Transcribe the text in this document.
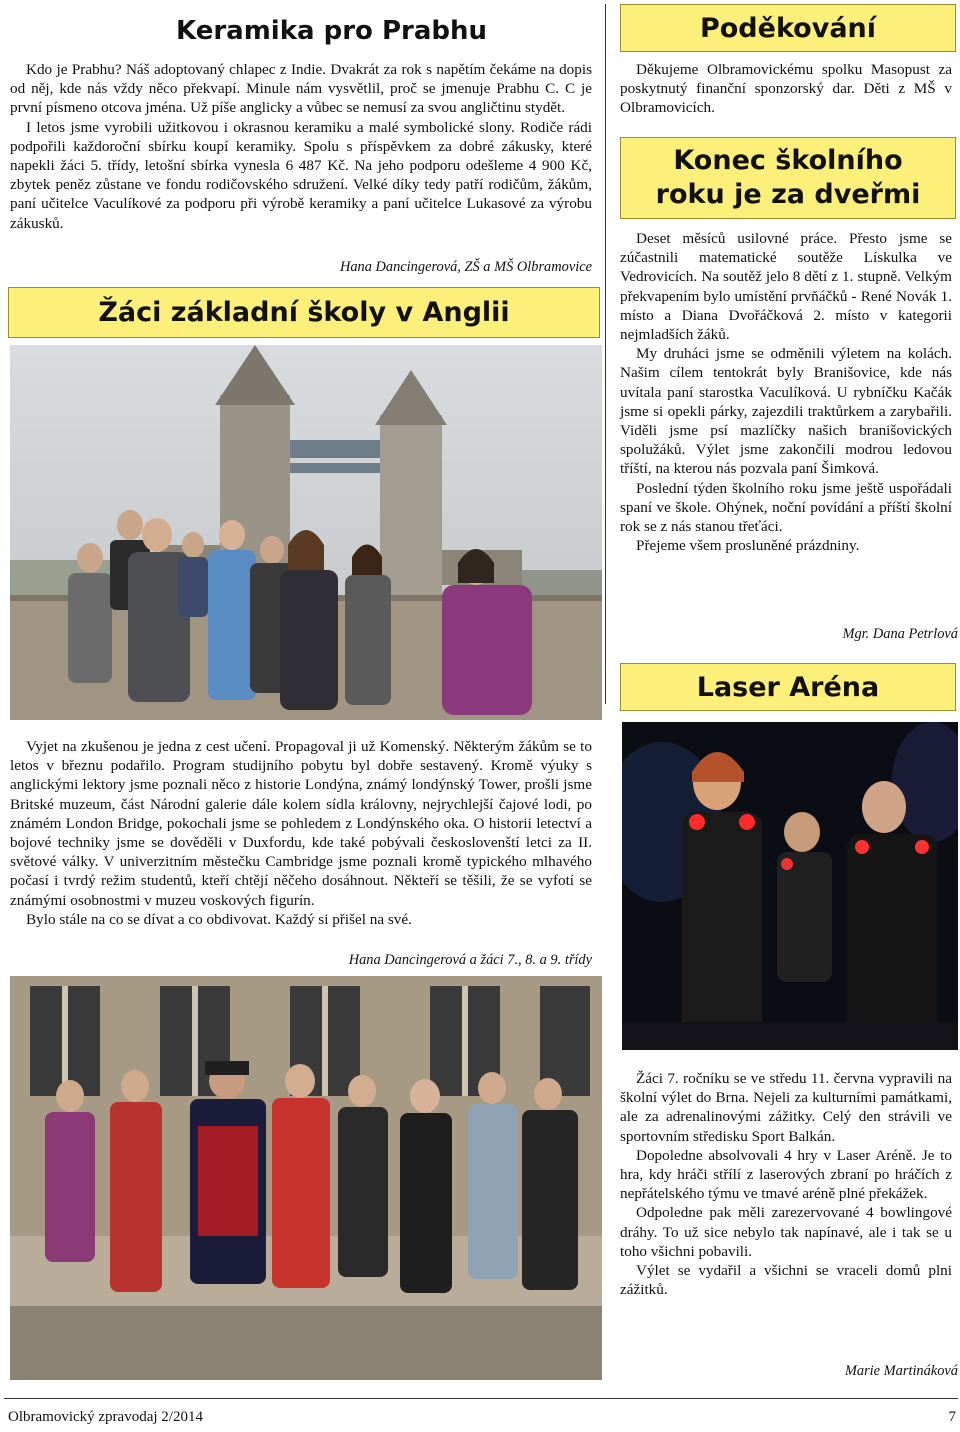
Keramika pro Prabhu

Kdo je Prabhu? Náš adoptovaný chlapec z Indie. Dvakrát za rok s napětím čekáme na dopis od něj, kde nás vždy něco překvapí. Minule nám vysvětlil, proč se jmenuje Prabhu C. C je první písmeno otcova jména. Už píše anglicky a vůbec se nemusí za svou angličtinu stydět.

I letos jsme vyrobili užitkovou i okrasnou keramiku a malé symbolické slony. Rodiče rádi podpořili každoroční sbírku koupí keramiky. Spolu s příspěvkem za dobré zákusky, které napekli žáci 5. třídy, letošní sbírka vynesla 6 487 Kč. Na jeho podporu odešleme 4 900 Kč, zbytek peněz zůstane ve fondu rodičovského sdružení. Velké díky tedy patří rodičům, žákům, paní učitelce Vaculíkové za podporu při výrobě keramiky a paní učitelce Lukasové za výrobu zákusků.

Hana Dancingerová, ZŠ a MŠ Olbramovice
Žáci základní školy v Anglii

Vyjet na zkušenou je jedna z cest učení. Propagoval ji už Komenský. Některým žákům se to letos v březnu podařilo. Program studijního pobytu byl dobře sestavený. Kromě výuky s anglickými lektory jsme poznali něco z historie Londýna, známý londýnský Tower, prošli jsme Britské muzeum, část Národní galerie dále kolem sídla královny, nejrychlejší čajové lodi, po známém London Bridge, pokochali jsme se pohledem z Londýnského oka. O historii letectví a bojové techniky jsme se dověděli v Duxfordu, kde také pobývali českoslovenští letci za II. světové války. V univerzitním městečku Cambridge jsme poznali kromě typického mlhavého počasí i tvrdý režim studentů, kteří chtějí něčeho dosáhnout. Někteří se těšili, že se vyfotí se známými osobnostmi v muzeu voskových figurín.

Bylo stále na co se dívat a co obdivovat. Každý si přišel na své.

Hana Dancingerová a žáci 7., 8. a 9. třídy
Poděkování

Děkujeme Olbramovickému spolku Masopust za poskytnutý finanční sponzorský dar. Děti z MŠ v Olbramovicích.

Konec školního
roku je za dveřmi

Deset měsíců usilovné práce. Přesto jsme se zúčastnili matematické soutěže Lískulka ve Vedrovicích. Na soutěž jelo 8 dětí z 1. stupně. Velkým překvapením bylo umístění prvňáčků - René Novák 1. místo a Diana Dvořáčková 2. místo v kategorii nejmladších žáků.

My druháci jsme se odměnili výletem na kolách. Našim cílem tentokrát byly Branišovice, kde nás uvítala paní starostka Vaculíková. U rybníčku Kačák jsme si opekli párky, zajezdili traktůrkem a zarybařili. Viděli jsme psí mazlíčky našich branišovických spolužáků. Výlet jsme zakončili modrou ledovou tříští, na kterou nás pozvala paní Šimková.

Poslední týden školního roku jsme ještě uspořádali spaní ve škole. Ohýnek, noční povídání a příští školní rok se z nás stanou třeťáci.

Přejeme všem prosluněné prázdniny.

Mgr. Dana Petrlová
Laser Aréna

Žáci 7. ročníku se ve středu 11. června vypravili na školní výlet do Brna. Nejeli za kulturními památkami, ale za adrenalinovými zážitky. Celý den strávili ve sportovním středisku Sport Balkán.

Dopoledne absolvovali 4 hry v Laser Aréně. Je to hra, kdy hráči střílí z laserových zbraní po hráčích z nepřátelského týmu ve tmavé aréně plné překážek.

Odpoledne pak měli zarezervované 4 bowlingové dráhy. To už sice nebylo tak napínavé, ale i tak se u toho všichni pobavili.

Výlet se vydařil a všichni se vraceli domů plni zážitků.

Marie Martináková
Olbramovický zpravodaj 2/2014	7
